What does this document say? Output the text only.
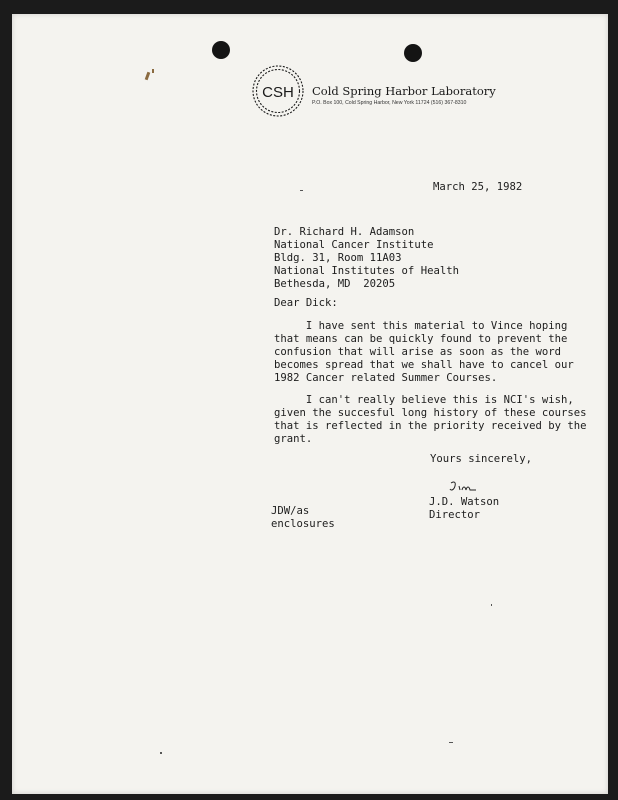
CSH Cold Spring Harbor Laboratory
P.O. Box 100, Cold Spring Harbor, New York 11724 (516) 367-8310
March 25, 1982
Dr. Richard H. Adamson
National Cancer Institute
Bldg. 31, Room 11A03
National Institutes of Health
Bethesda, MD  20205
Dear Dick:
I have sent this material to Vince hoping
that means can be quickly found to prevent the
confusion that will arise as soon as the word
becomes spread that we shall have to cancel our
1982 Cancer related Summer Courses.
I can't really believe this is NCI's wish,
given the succesful long history of these courses
that is reflected in the priority received by the
grant.
Yours sincerely,
J.D. Watson
Director
JDW/as
enclosures
